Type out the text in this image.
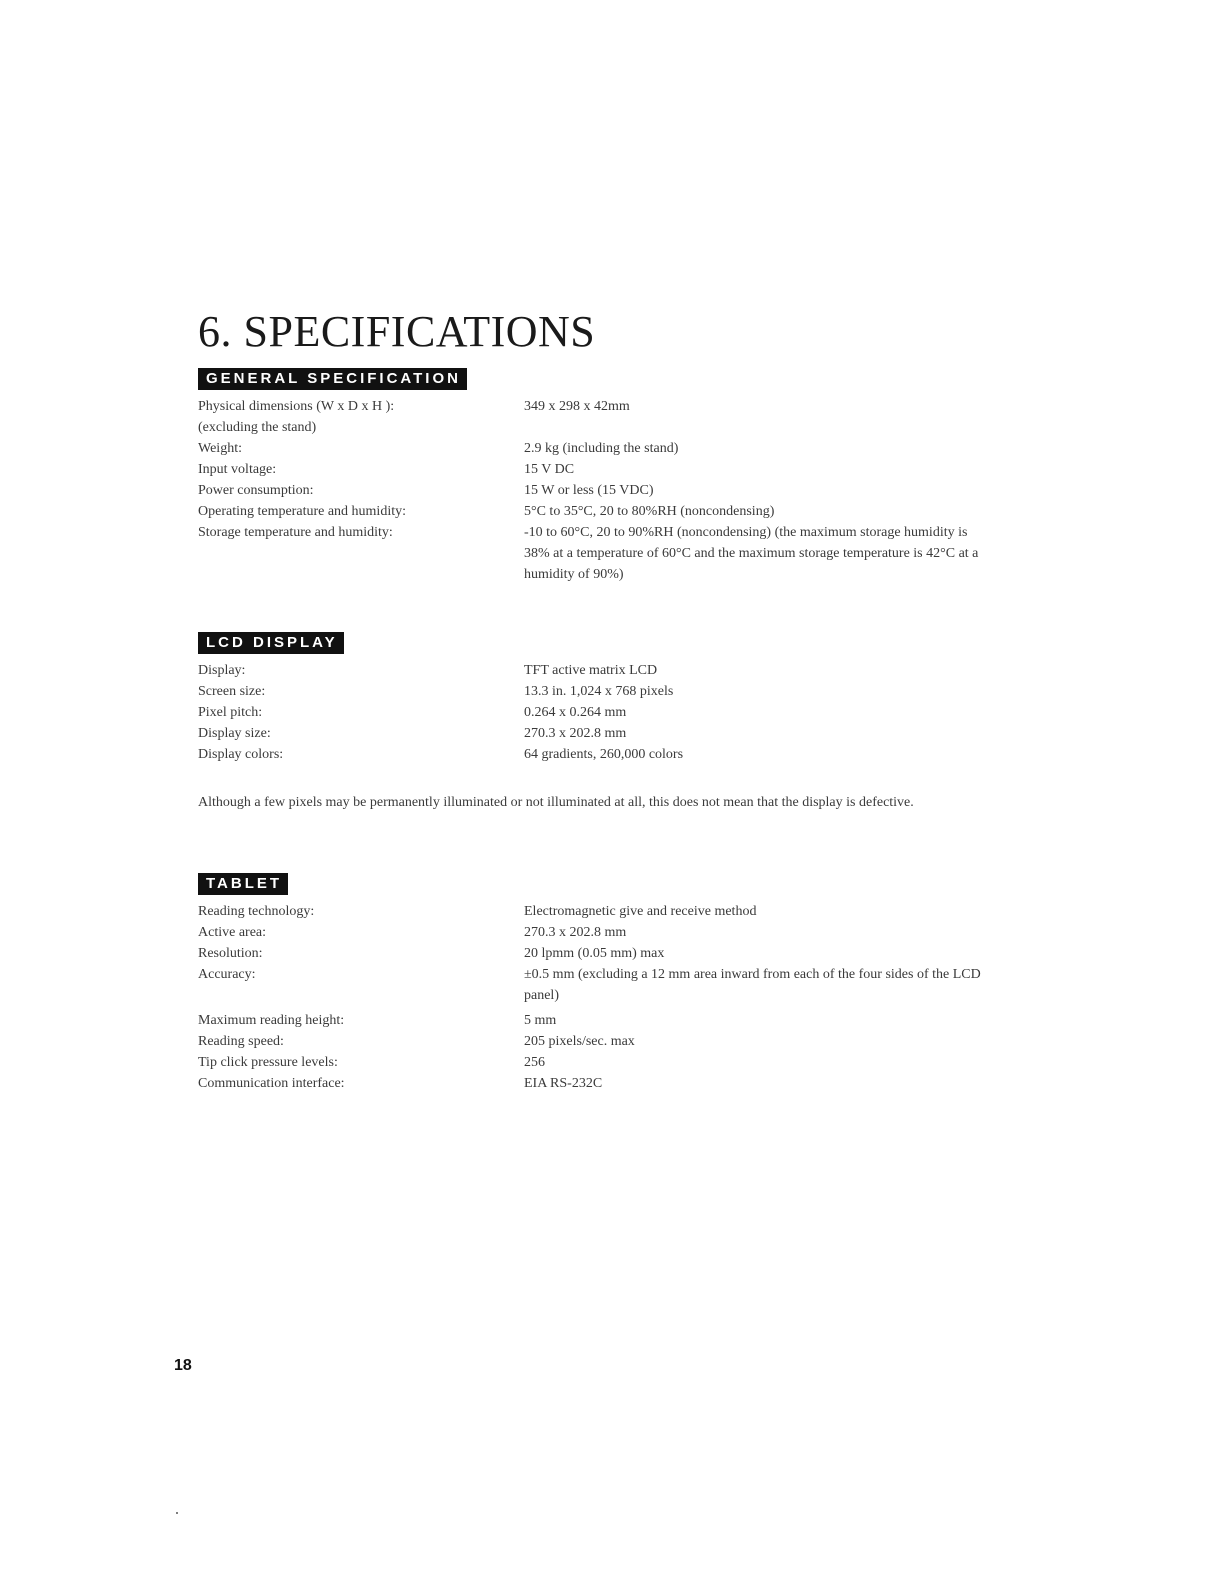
6. SPECIFICATIONS
GENERAL SPECIFICATION
Physical dimensions (W x D x H ):	349 x 298 x 42mm
(excluding the stand)
Weight:	2.9 kg (including the stand)
Input voltage:	15 V DC
Power consumption:	15 W or less (15 VDC)
Operating temperature and humidity:	5°C to 35°C, 20 to 80%RH (noncondensing)
Storage temperature and humidity:	-10 to 60°C, 20 to 90%RH (noncondensing) (the maximum storage humidity is 38% at a temperature of 60°C and the maximum storage temperature is 42°C at a humidity of 90%)
LCD DISPLAY
Display:	TFT active matrix LCD
Screen size:	13.3 in. 1,024 x 768 pixels
Pixel pitch:	0.264 x 0.264 mm
Display size:	270.3 x 202.8 mm
Display colors:	64 gradients, 260,000 colors
Although a few pixels may be permanently illuminated or not illuminated at all, this does not mean that the display is defective.
TABLET
Reading technology:	Electromagnetic give and receive method
Active area:	270.3 x 202.8 mm
Resolution:	20 lpmm (0.05 mm) max
Accuracy:	±0.5 mm (excluding a 12 mm area inward from each of the four sides of the LCD panel)
Maximum reading height:	5 mm
Reading speed:	205 pixels/sec. max
Tip click pressure levels:	256
Communication interface:	EIA RS-232C
18
